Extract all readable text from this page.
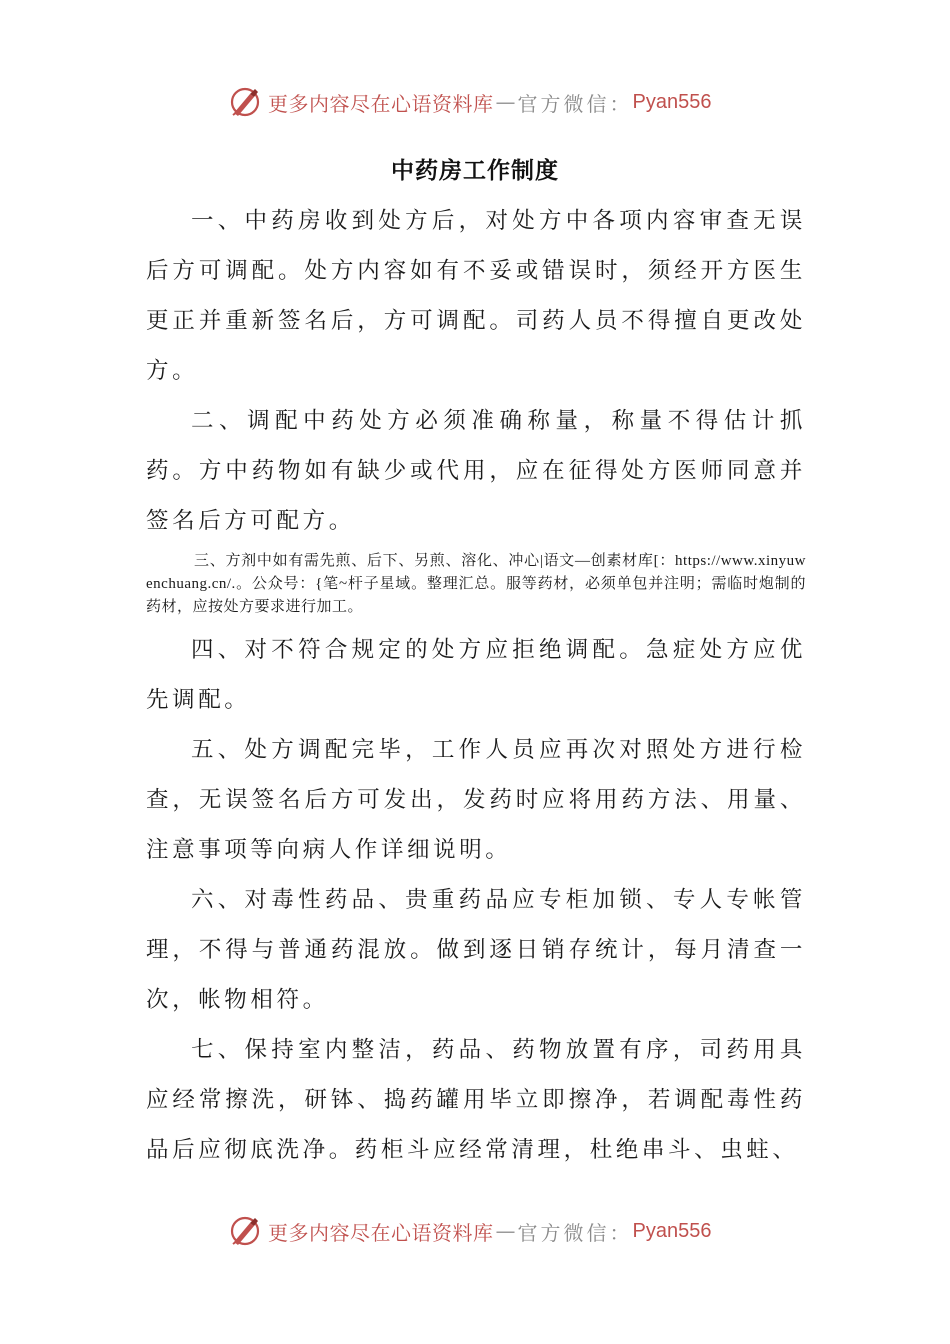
更多内容尽在心语资料库 — 官方微信： Pyan556
中药房工作制度

一、中药房收到处方后，对处方中各项内容审查无误后方可调配。处方内容如有不妥或错误时，须经开方医生更正并重新签名后，方可调配。司药人员不得擅自更改处方。

二、调配中药处方必须准确称量，称量不得估计抓药。方中药物如有缺少或代用，应在征得处方医师同意并签名后方可配方。

三、方剂中如有需先煎、后下、另煎、溶化、冲心|语文—创素材库[：https://www.xinyuwenchuang.cn/.。公众号：{笔~杆子星域。整理汇总。服等药材，必须单包并注明；需临时炮制的药材，应按处方要求进行加工。

四、对不符合规定的处方应拒绝调配。急症处方应优先调配。

五、处方调配完毕，工作人员应再次对照处方进行检查，无误签名后方可发出，发药时应将用药方法、用量、注意事项等向病人作详细说明。

六、对毒性药品、贵重药品应专柜加锁、专人专帐管理，不得与普通药混放。做到逐日销存统计，每月清查一次，帐物相符。

七、保持室内整洁，药品、药物放置有序，司药用具应经常擦洗，研钵、捣药罐用毕立即擦净，若调配毒性药品后应彻底洗净。药柜斗应经常清理，杜绝串斗、虫蛀、

更多内容尽在心语资料库 — 官方微信： Pyan556
